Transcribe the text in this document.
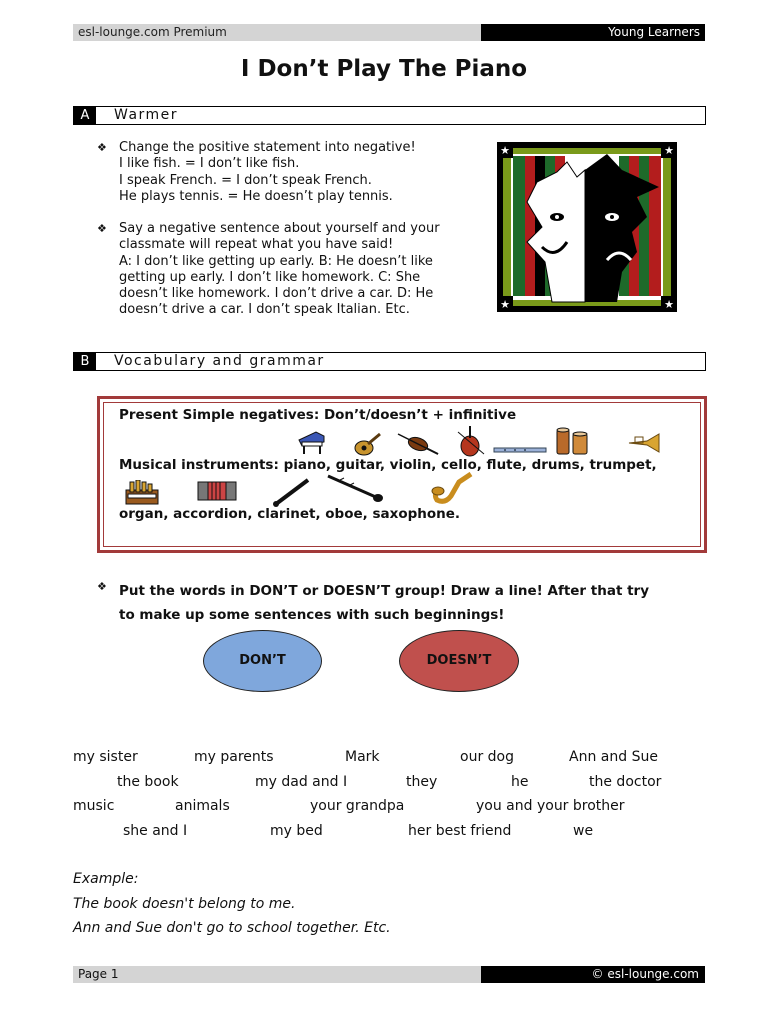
esl-lounge.com Premium	Young Learners
I Don’t Play The Piano
A	Warmer
❖ Change the positive statement into negative!
I like fish. = I don’t like fish.
I speak French. = I don’t speak French.
He plays tennis. = He doesn’t play tennis.
❖ Say a negative sentence about yourself and your
classmate will repeat what you have said!
A: I don’t like getting up early. B: He doesn’t like
getting up early. I don’t like homework. C: She
doesn’t like homework. I don’t drive a car. D: He
doesn’t drive a car. I don’t speak Italian. Etc.
★	★
★	★
B	Vocabulary and grammar
Present Simple negatives: Don’t/doesn’t + infinitive
Musical instruments: piano, guitar, violin, cello, flute, drums, trumpet,
organ, accordion, clarinet, oboe, saxophone.
❖ Put the words in DON’T or DOESN’T group! Draw a line! After that try
to make up some sentences with such beginnings!
DON’T	DOESN’T
my sister	my parents	Mark	our dog	Ann and Sue
the book	my dad and I	they	he	the doctor
music	animals	your grandpa	you and your brother
she and I	my bed	her best friend	we
Example:
The book doesn't belong to me.
Ann and Sue don't go to school together. Etc.
Page 1	© esl-lounge.com
